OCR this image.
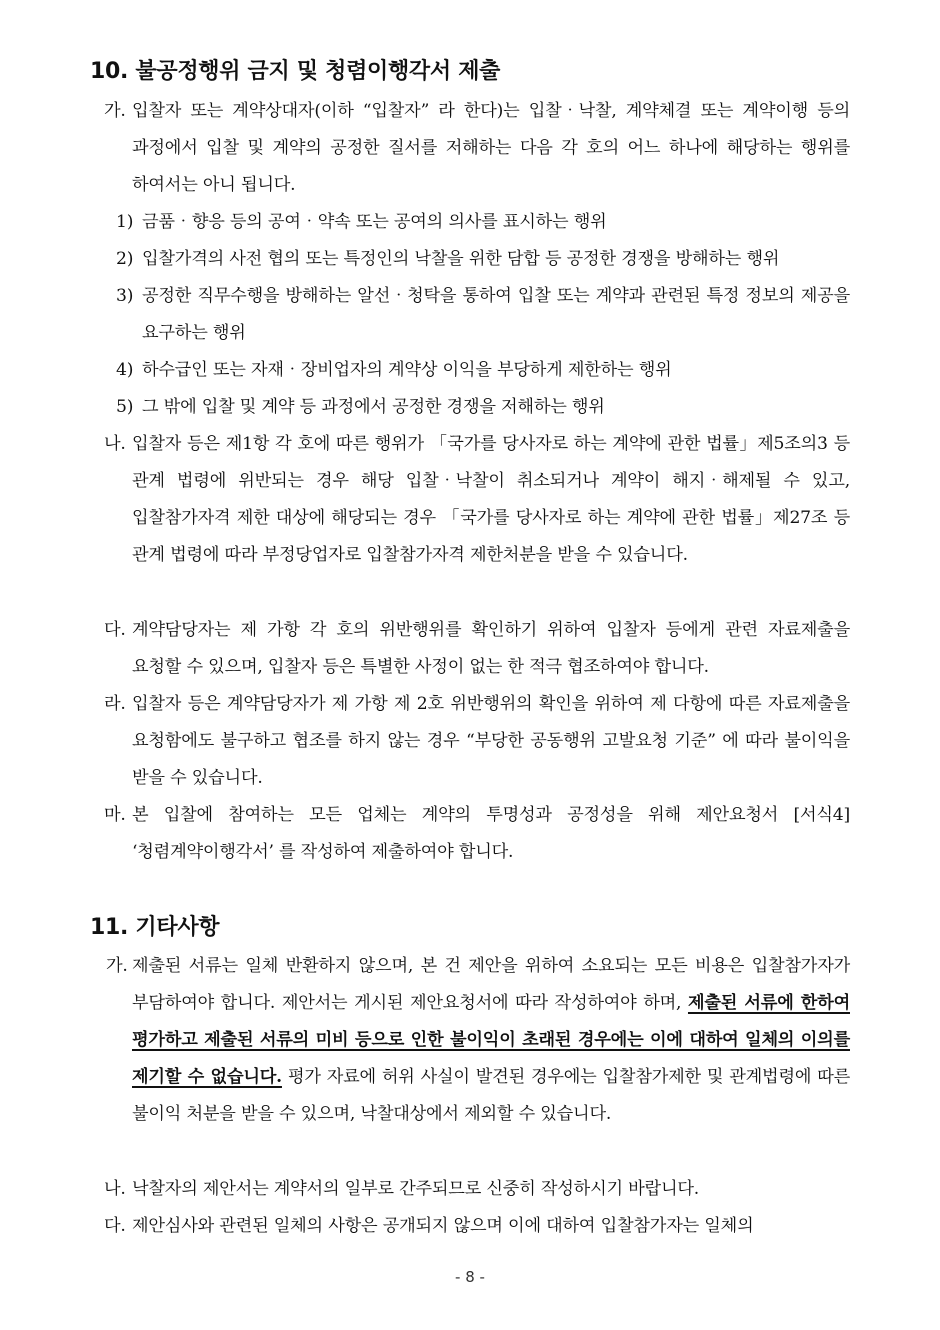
10. 불공정행위 금지 및 청렴이행각서 제출

가. 입찰자 또는 계약상대자(이하 “입찰자” 라 한다)는 입찰‧낙찰, 계약체결 또는 계약이행 등의 과정에서 입찰 및 계약의 공정한 질서를 저해하는 다음 각 호의 어느 하나에 해당하는 행위를 하여서는 아니 됩니다.

1) 금품‧향응 등의 공여‧약속 또는 공여의 의사를 표시하는 행위

2) 입찰가격의 사전 협의 또는 특정인의 낙찰을 위한 담합 등 공정한 경쟁을 방해하는 행위

3) 공정한 직무수행을 방해하는 알선‧청탁을 통하여 입찰 또는 계약과 관련된 특정 정보의 제공을 요구하는 행위

4) 하수급인 또는 자재‧장비업자의 계약상 이익을 부당하게 제한하는 행위

5) 그 밖에 입찰 및 계약 등 과정에서 공정한 경쟁을 저해하는 행위

나. 입찰자 등은 제1항 각 호에 따른 행위가 「국가를 당사자로 하는 계약에 관한 법률」제5조의3 등 관계 법령에 위반되는 경우 해당 입찰‧낙찰이 취소되거나 계약이 해지‧해제될 수 있고, 입찰참가자격 제한 대상에 해당되는 경우 「국가를 당사자로 하는 계약에 관한 법률」제27조 등 관계 법령에 따라 부정당업자로 입찰참가자격 제한처분을 받을 수 있습니다.

다. 계약담당자는 제 가항 각 호의 위반행위를 확인하기 위하여 입찰자 등에게 관련 자료제출을 요청할 수 있으며, 입찰자 등은 특별한 사정이 없는 한 적극 협조하여야 합니다.

라. 입찰자 등은 계약담당자가 제 가항 제 2호 위반행위의 확인을 위하여 제 다항에 따른 자료제출을 요청함에도 불구하고 협조를 하지 않는 경우 “부당한 공동행위 고발요청 기준” 에 따라 불이익을 받을 수 있습니다.

마. 본 입찰에 참여하는 모든 업체는 계약의 투명성과 공정성을 위해 제안요청서 [서식4] ‘청렴계약이행각서’ 를 작성하여 제출하여야 합니다.

11. 기타사항

가. 제출된 서류는 일체 반환하지 않으며, 본 건 제안을 위하여 소요되는 모든 비용은 입찰참가자가 부담하여야 합니다. 제안서는 게시된 제안요청서에 따라 작성하여야 하며, 제출된 서류에 한하여 평가하고 제출된 서류의 미비 등으로 인한 불이익이 초래된 경우에는 이에 대하여 일체의 이의를 제기할 수 없습니다. 평가 자료에 허위 사실이 발견된 경우에는 입찰참가제한 및 관계법령에 따른 불이익 처분을 받을 수 있으며, 낙찰대상에서 제외할 수 있습니다.

나. 낙찰자의 제안서는 계약서의 일부로 간주되므로 신중히 작성하시기 바랍니다.

다. 제안심사와 관련된 일체의 사항은 공개되지 않으며 이에 대하여 입찰참가자는 일체의

- 8 -
